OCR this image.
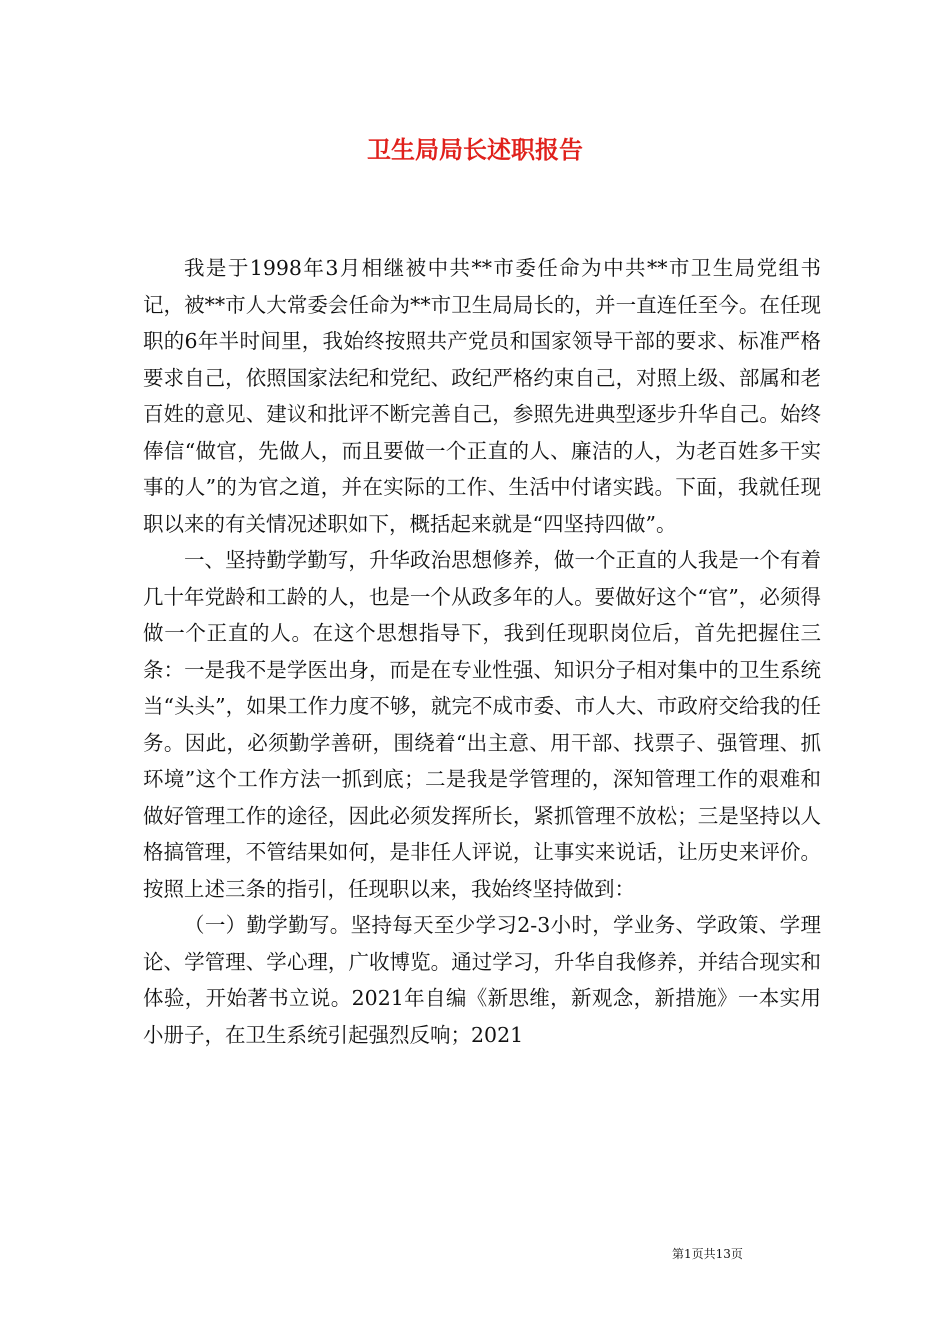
卫生局局长述职报告

我是于1998年3月相继被中共**市委任命为中共**市卫生局党组书记，被**市人大常委会任命为**市卫生局局长的，并一直连任至今。在任现职的6年半时间里，我始终按照共产党员和国家领导干部的要求、标准严格要求自己，依照国家法纪和党纪、政纪严格约束自己，对照上级、部属和老百姓的意见、建议和批评不断完善自己，参照先进典型逐步升华自己。始终俸信“做官，先做人，而且要做一个正直的人、廉洁的人，为老百姓多干实事的人”的为官之道，并在实际的工作、生活中付诸实践。下面，我就任现职以来的有关情况述职如下，概括起来就是“四坚持四做”。

一、坚持勤学勤写，升华政治思想修养，做一个正直的人我是一个有着几十年党龄和工龄的人，也是一个从政多年的人。要做好这个“官”，必须得做一个正直的人。在这个思想指导下，我到任现职岗位后，首先把握住三条：一是我不是学医出身，而是在专业性强、知识分子相对集中的卫生系统当“头头”，如果工作力度不够，就完不成市委、市人大、市政府交给我的任务。因此，必须勤学善研，围绕着“出主意、用干部、找票子、强管理、抓环境”这个工作方法一抓到底；二是我是学管理的，深知管理工作的艰难和做好管理工作的途径，因此必须发挥所长，紧抓管理不放松；三是坚持以人格搞管理，不管结果如何，是非任人评说，让事实来说话，让历史来评价。按照上述三条的指引，任现职以来，我始终坚持做到：

（一）勤学勤写。坚持每天至少学习2-3小时，学业务、学政策、学理论、学管理、学心理，广收博览。通过学习，升华自我修养，并结合现实和体验，开始著书立说。2021年自编《新思维，新观念，新措施》一本实用小册子，在卫生系统引起强烈反响；2021

第1页共13页
